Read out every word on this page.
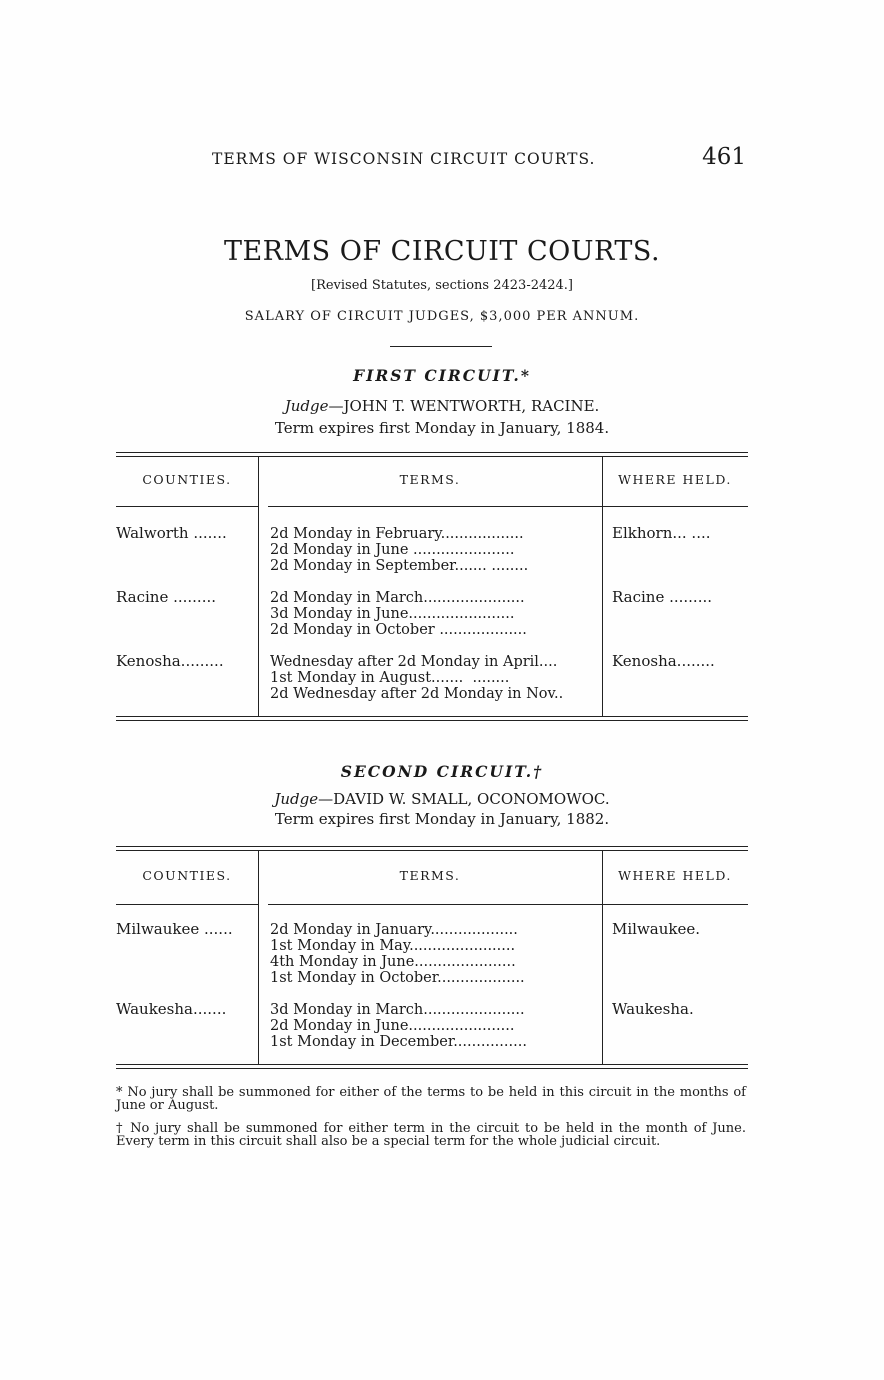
TERMS OF WISCONSIN CIRCUIT COURTS.	461
TERMS OF CIRCUIT COURTS.
[Revised Statutes, sections 2423-2424.]
SALARY OF CIRCUIT JUDGES, $3,000 PER ANNUM.
FIRST CIRCUIT.*
Judge—JOHN T. WENTWORTH, RACINE.
Term expires first Monday in January, 1884.
COUNTIES.	TERMS.	WHERE HELD.
Walworth .......	2d Monday in February..................
2d Monday in June ......................
2d Monday in September....... ........
Elkhorn... ....
Racine .........	2d Monday in March......................
3d Monday in June.......................
2d Monday in October ...................
Racine .........
Kenosha.........	Wednesday after 2d Monday in April....
1st Monday in August.......  ........
2d Wednesday after 2d Monday in Nov..
Kenosha........
SECOND CIRCUIT.†
Judge—DAVID W. SMALL, OCONOMOWOC.
Term expires first Monday in January, 1882.
COUNTIES.	TERMS.	WHERE HELD.
Milwaukee ......	2d Monday in January...................
1st Monday in May.......................
4th Monday in June......................
1st Monday in October...................
Milwaukee.
Waukesha.......	3d Monday in March......................
2d Monday in June.......................
1st Monday in December................
Waukesha.
* No jury shall be summoned for either of the terms to be held in this circuit in the months of June or August.
† No jury shall be summoned for either term in the circuit to be held in the month of June. Every term in this circuit shall also be a special term for the whole judicial circuit.
